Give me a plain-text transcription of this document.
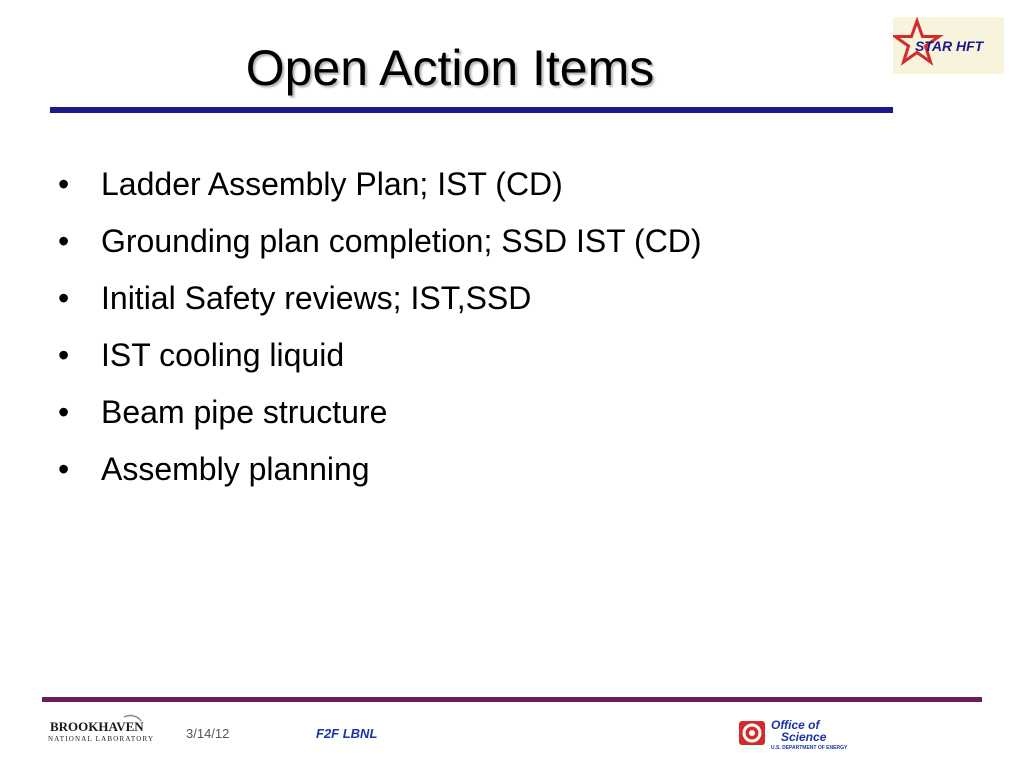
Open Action Items	STAR HFT
• Ladder Assembly Plan; IST (CD)
• Grounding plan completion; SSD IST (CD)
• Initial Safety reviews; IST,SSD
• IST cooling liquid
• Beam pipe structure
• Assembly planning
BROOKHAVEN
NATIONAL LABORATORY 3/14/12	F2F LBNL
Office of
Science
U.S. DEPARTMENT OF ENERGY
